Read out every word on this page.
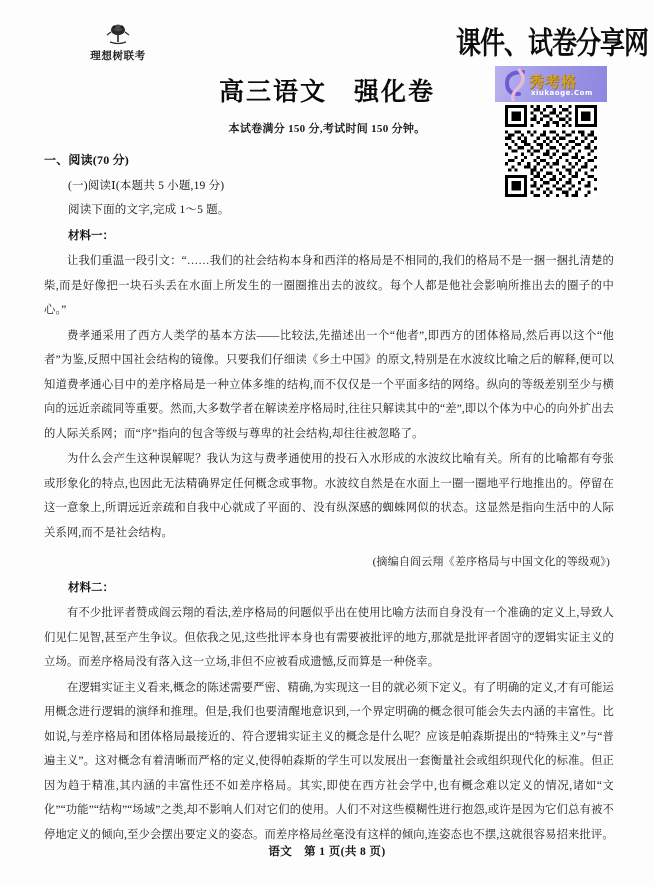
理想树联考	课件、试卷分享网
秀考格
xiukaoge.Com
高三语文　强化卷
本试卷满分 150 分,考试时间 150 分钟。
一、阅读(70 分)
(一)阅读Ⅰ(本题共 5 小题,19 分)
阅读下面的文字,完成 1～5 题。
材料一：

让我们重温一段引文：“……我们的社会结构本身和西洋的格局是不相同的,我们的格局不是一捆一捆扎清楚的柴,而是好像把一块石头丢在水面上所发生的一圈圈推出去的波纹。每个人都是他社会影响所推出去的圈子的中心。”

费孝通采用了西方人类学的基本方法——比较法,先描述出一个“他者”,即西方的团体格局,然后再以这个“他者”为鉴,反照中国社会结构的镜像。只要我们仔细读《乡土中国》的原文,特别是在水波纹比喻之后的解释,便可以知道费孝通心目中的差序格局是一种立体多维的结构,而不仅仅是一个平面多结的网络。纵向的等级差别至少与横向的远近亲疏同等重要。然而,大多数学者在解读差序格局时,往往只解读其中的“差”,即以个体为中心的向外扩出去的人际关系网；而“序”指向的包含等级与尊卑的社会结构,却往往被忽略了。

为什么会产生这种误解呢？我认为这与费孝通使用的投石入水形成的水波纹比喻有关。所有的比喻都有夸张或形象化的特点,也因此无法精确界定任何概念或事物。水波纹自然是在水面上一圈一圈地平行地推出的。停留在这一意象上,所谓远近亲疏和自我中心就成了平面的、没有纵深感的蜘蛛网似的状态。这显然是指向生活中的人际关系网,而不是社会结构。

(摘编自阎云翔《差序格局与中国文化的等级观》)
材料二：

有不少批评者赞成阎云翔的看法,差序格局的问题似乎出在使用比喻方法而自身没有一个准确的定义上,导致人们见仁见智,甚至产生争议。但依我之见,这些批评本身也有需要被批评的地方,那就是批评者固守的逻辑实证主义的立场。而差序格局没有落入这一立场,非但不应被看成遗憾,反而算是一种侥幸。

在逻辑实证主义看来,概念的陈述需要严密、精确,为实现这一目的就必须下定义。有了明确的定义,才有可能运用概念进行逻辑的演绎和推理。但是,我们也要清醒地意识到,一个界定明确的概念很可能会失去内涵的丰富性。比如说,与差序格局和团体格局最接近的、符合逻辑实证主义的概念是什么呢？应该是帕森斯提出的“特殊主义”与“普遍主义”。这对概念有着清晰而严格的定义,使得帕森斯的学生可以发展出一套衡量社会或组织现代化的标准。但正因为趋于精准,其内涵的丰富性还不如差序格局。其实,即使在西方社会学中,也有概念难以定义的情况,诸如“文化”“功能”“结构”“场域”之类,却不影响人们对它们的使用。人们不对这些模糊性进行抱怨,或许是因为它们总有被不停地定义的倾向,至少会摆出要定义的姿态。而差序格局丝毫没有这样的倾向,连姿态也不摆,这就很容易招来批评。

语文　第 1 页(共 8 页)
